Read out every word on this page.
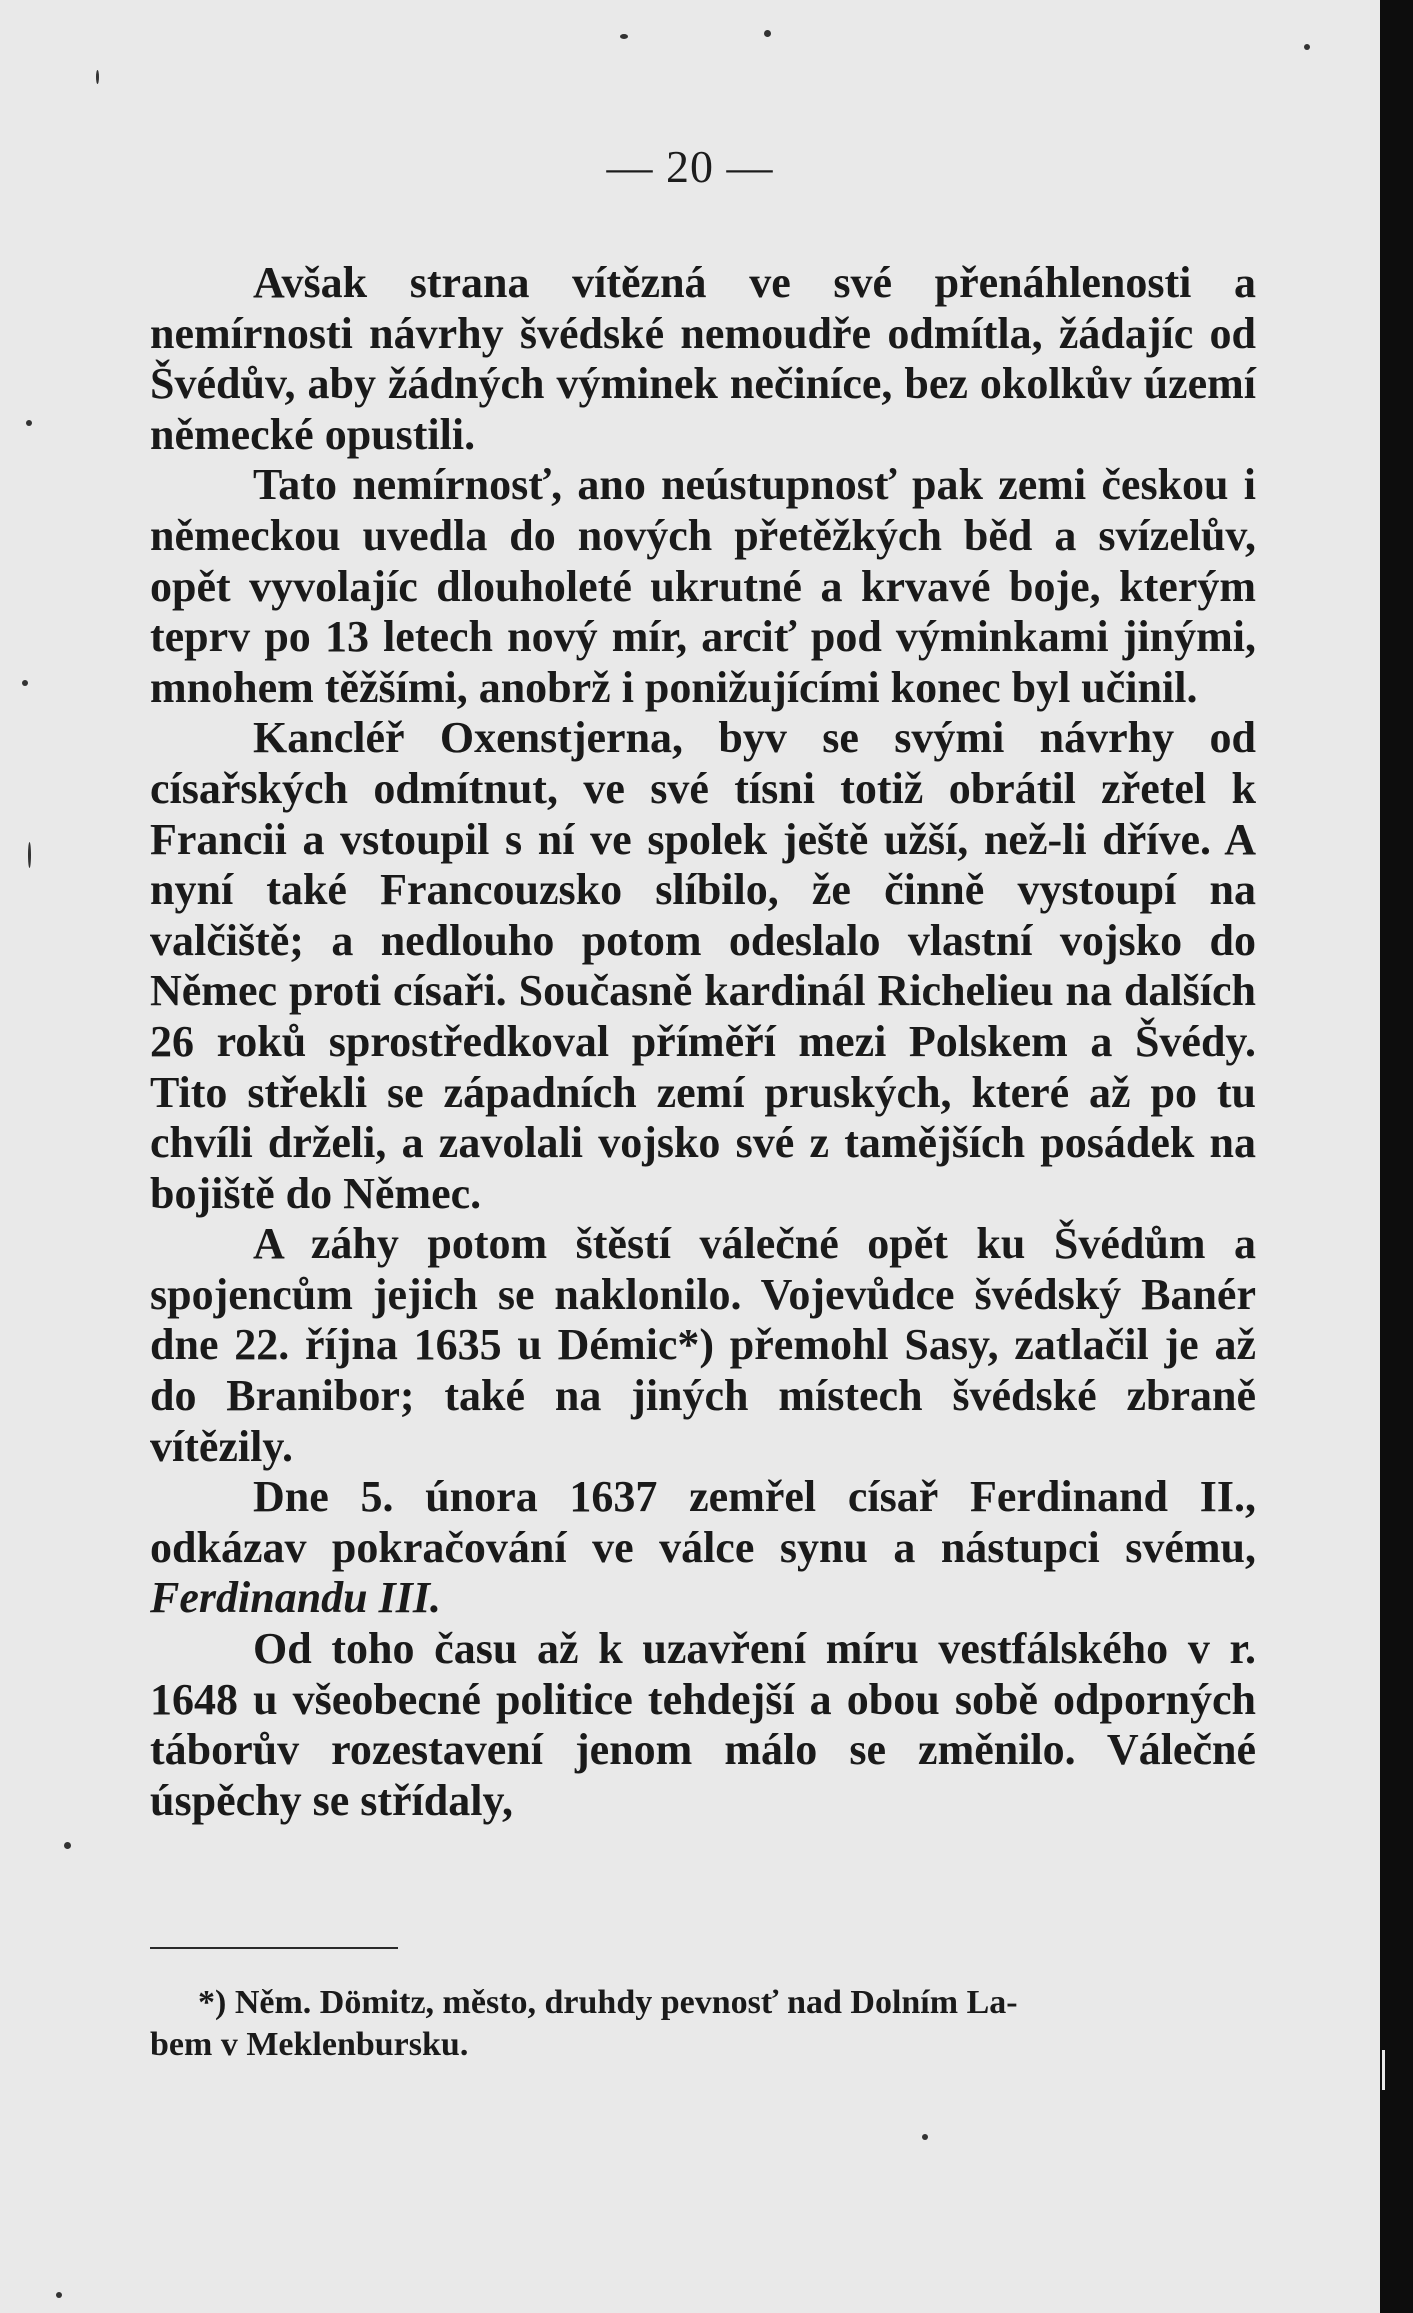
— 20 —

Avšak strana vítězná ve své přenáhlenosti a nemírnosti návrhy švédské nemoudře odmítla, žádajíc od Švédův, aby žádných výminek nečiníce, bez okolkův území německé opustili.

Tato nemírnosť, ano neústupnosť pak zemi českou i německou uvedla do nových přetěžkých běd a svízelův, opět vyvolajíc dlouholeté ukrutné a krvavé boje, kterým teprv po 13 letech nový mír, arciť pod výminkami jinými, mnohem těžšími, anobrž i ponižujícími konec byl učinil.

Kancléř Oxenstjerna, byv se svými návrhy od císařských odmítnut, ve své tísni totiž obrátil zřetel k Francii a vstoupil s ní ve spolek ještě užší, než-li dříve. A nyní také Francouzsko slíbilo, že činně vystoupí na valčiště; a nedlouho potom odeslalo vlastní vojsko do Němec proti císaři. Současně kardinál Richelieu na dalších 26 roků sprostředkoval příměří mezi Polskem a Švédy. Tito střekli se západních zemí pruských, které až po tu chvíli drželi, a zavolali vojsko své z tamějších posádek na bojiště do Němec.

A záhy potom štěstí válečné opět ku Švédům a spojencům jejich se naklonilo. Vojevůdce švédský Banér dne 22. října 1635 u Démic*) přemohl Sasy, zatlačil je až do Branibor; také na jiných místech švédské zbraně vítězily.

Dne 5. února 1637 zemřel císař Ferdinand II., odkázav pokračování ve válce synu a nástupci svému, Ferdinandu III.

Od toho času až k uzavření míru vestfálského v r. 1648 u všeobecné politice tehdejší a obou sobě odporných táborův rozestavení jenom málo se změnilo. Válečné úspěchy se střídaly,

*) Něm. Dömitz, město, druhdy pevnosť nad Dolním La-
bem v Meklenbursku.
